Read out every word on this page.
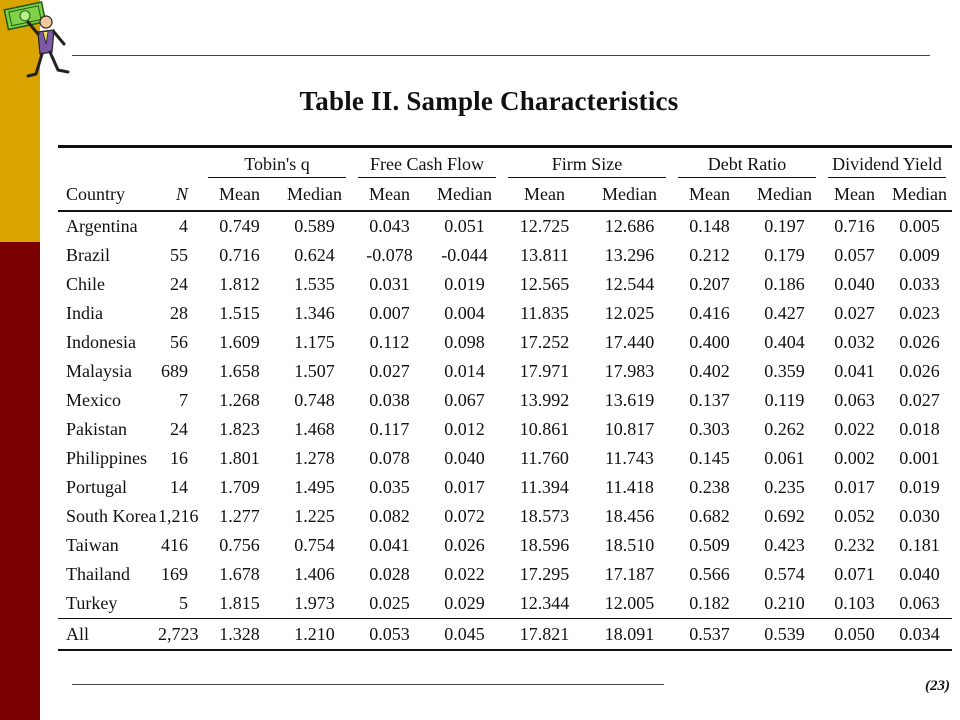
Table II. Sample Characteristics

		Tobin's q		Free Cash Flow		Firm Size		Debt Ratio		Dividend Yield	

Country	N	Mean	Median	Mean	Median	Mean	Median	Mean	Median	Mean	Median
Argentina	4	0.749	0.589	0.043	0.051	12.725	12.686	0.148	0.197	0.716	0.005
Brazil	55	0.716	0.624	-0.078	-0.044	13.811	13.296	0.212	0.179	0.057	0.009
Chile	24	1.812	1.535	0.031	0.019	12.565	12.544	0.207	0.186	0.040	0.033
India	28	1.515	1.346	0.007	0.004	11.835	12.025	0.416	0.427	0.027	0.023
Indonesia	56	1.609	1.175	0.112	0.098	17.252	17.440	0.400	0.404	0.032	0.026
Malaysia	689	1.658	1.507	0.027	0.014	17.971	17.983	0.402	0.359	0.041	0.026
Mexico	7	1.268	0.748	0.038	0.067	13.992	13.619	0.137	0.119	0.063	0.027
Pakistan	24	1.823	1.468	0.117	0.012	10.861	10.817	0.303	0.262	0.022	0.018
Philippines	16	1.801	1.278	0.078	0.040	11.760	11.743	0.145	0.061	0.002	0.001
Portugal	14	1.709	1.495	0.035	0.017	11.394	11.418	0.238	0.235	0.017	0.019
South Korea	1,216	1.277	1.225	0.082	0.072	18.573	18.456	0.682	0.692	0.052	0.030
Taiwan	416	0.756	0.754	0.041	0.026	18.596	18.510	0.509	0.423	0.232	0.181
Thailand	169	1.678	1.406	0.028	0.022	17.295	17.187	0.566	0.574	0.071	0.040
Turkey	5	1.815	1.973	0.025	0.029	12.344	12.005	0.182	0.210	0.103	0.063
All	2,723	1.328	1.210	0.053	0.045	17.821	18.091	0.537	0.539	0.050	0.034
(23)
